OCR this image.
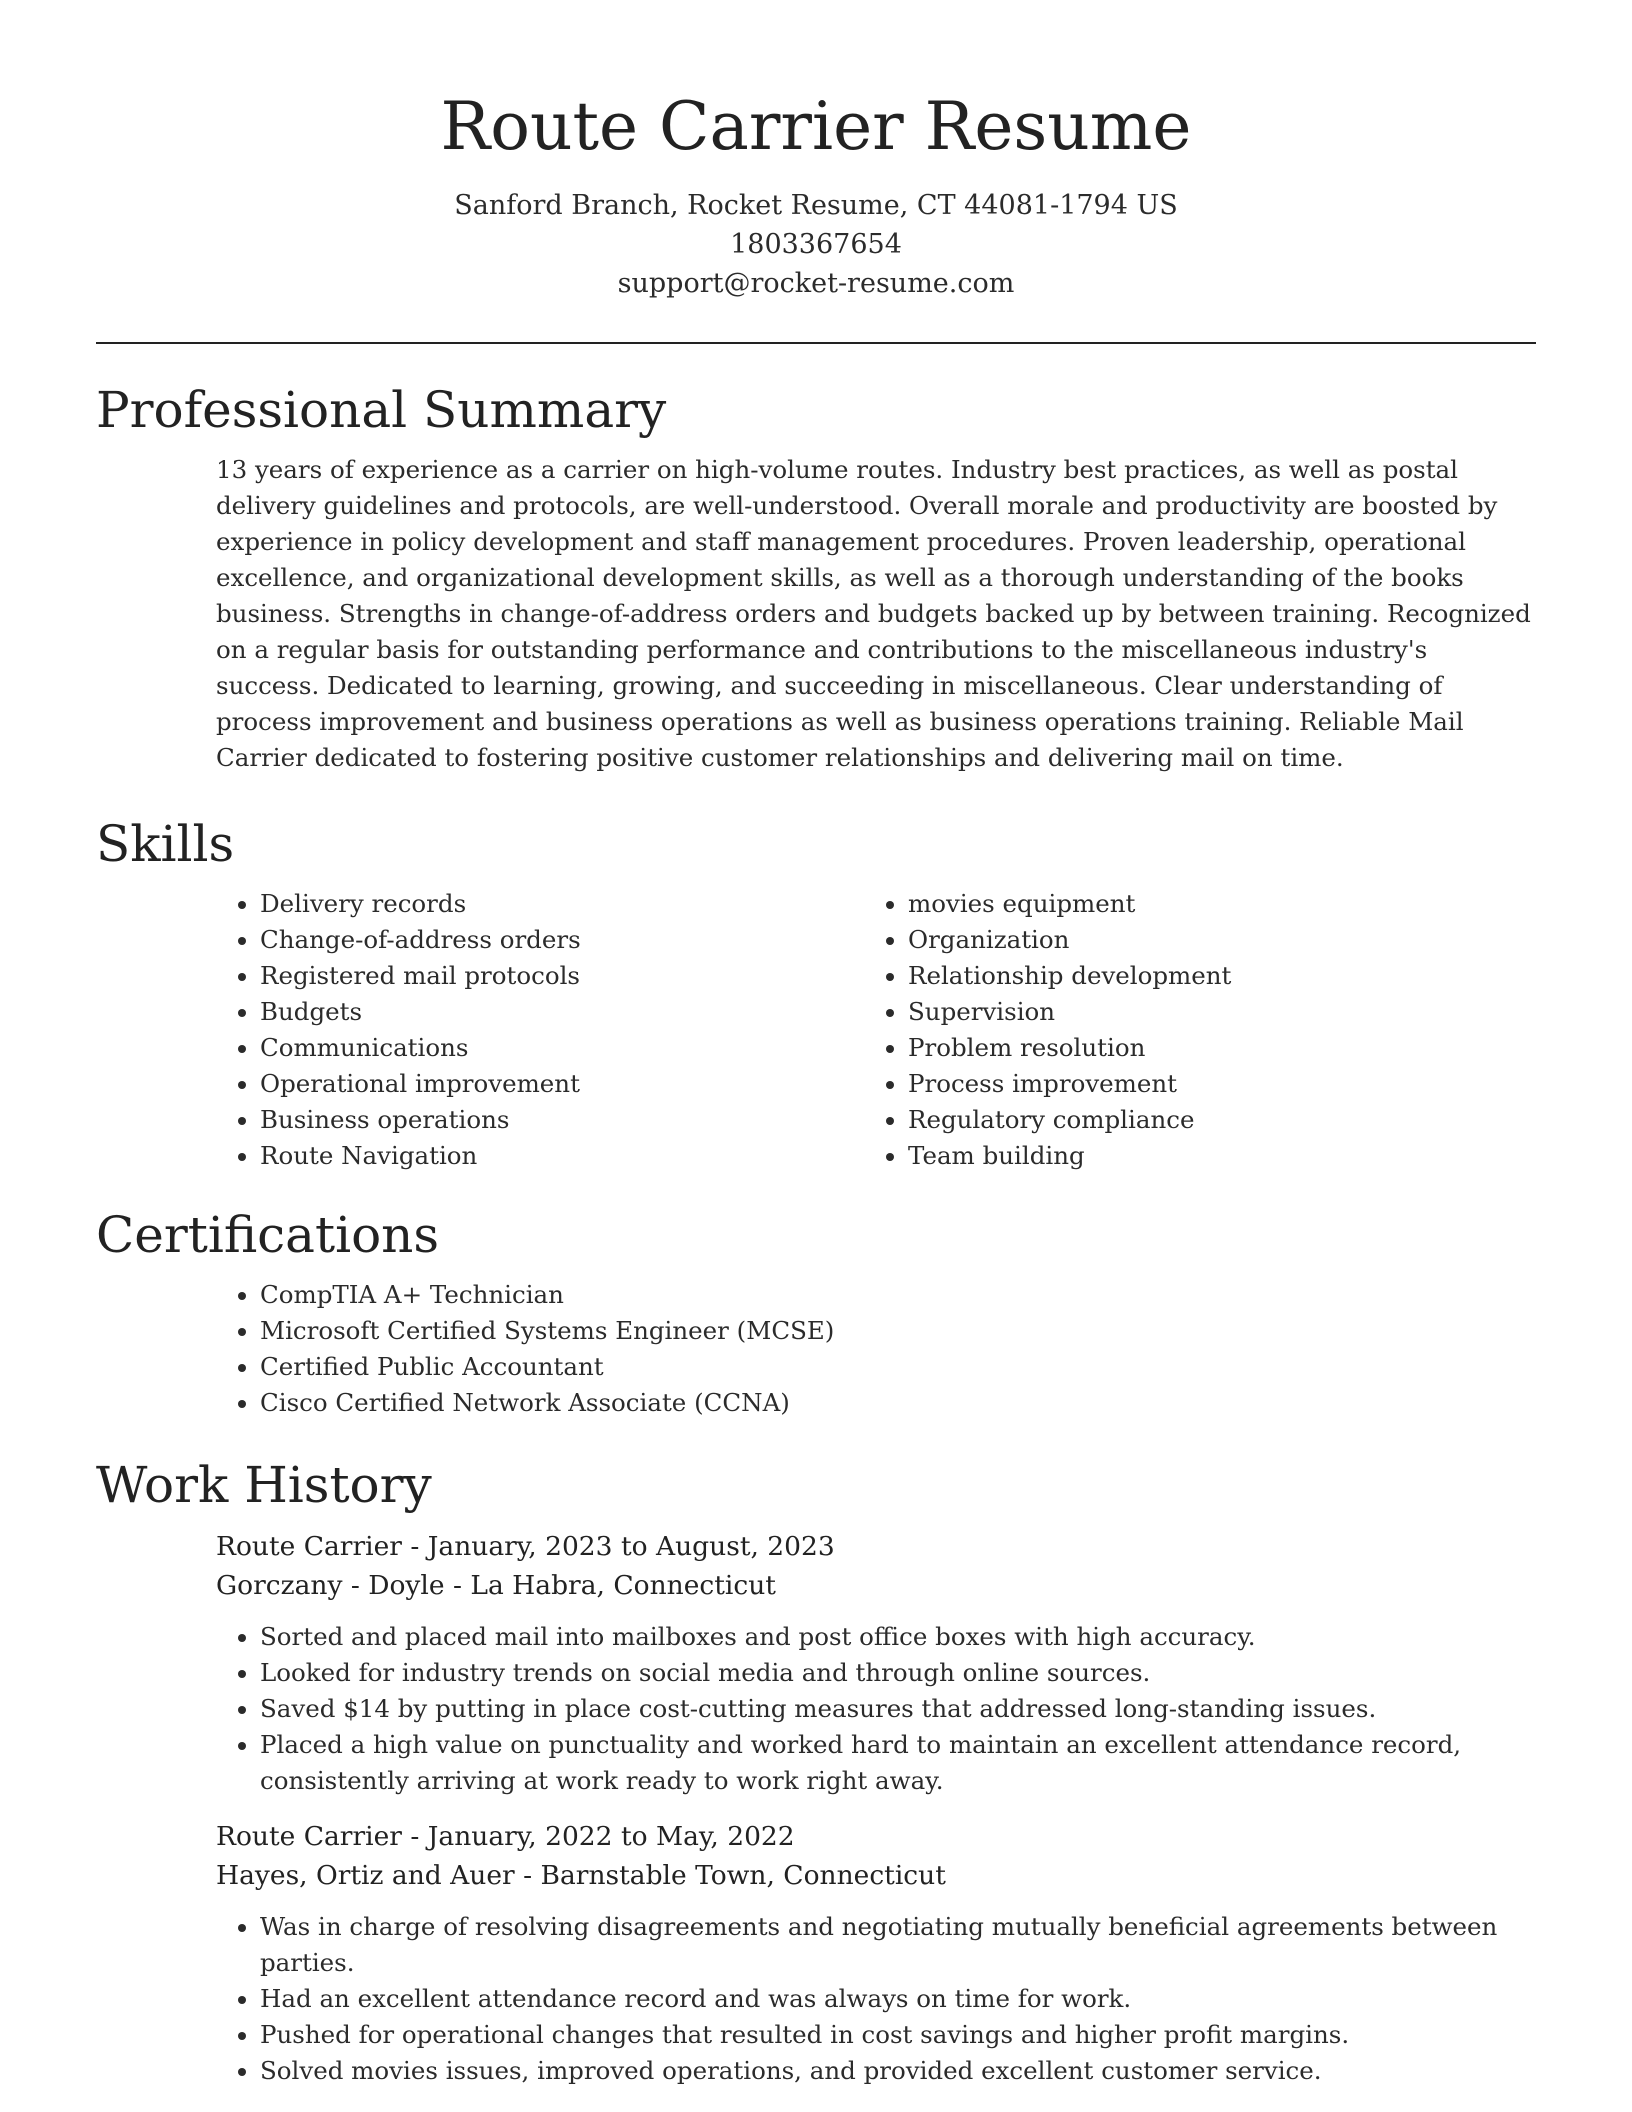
Route Carrier Resume
Sanford Branch, Rocket Resume, CT 44081-1794 US
1803367654
support@rocket-resume.com
Professional Summary

13 years of experience as a carrier on high-volume routes. Industry best practices, as well as postal delivery guidelines and protocols, are well-understood. Overall morale and productivity are boosted by experience in policy development and staff management procedures. Proven leadership, operational excellence, and organizational development skills, as well as a thorough understanding of the books business. Strengths in change-of-address orders and budgets backed up by between training. Recognized on a regular basis for outstanding performance and contributions to the miscellaneous industry's success. Dedicated to learning, growing, and succeeding in miscellaneous. Clear understanding of process improvement and business operations as well as business operations training. Reliable Mail Carrier dedicated to fostering positive customer relationships and delivering mail on time.

Skills
• Delivery records
• Change-of-address orders
• Registered mail protocols
• Budgets
• Communications
• Operational improvement
• Business operations
• Route Navigation
• movies equipment
• Organization
• Relationship development
• Supervision
• Problem resolution
• Process improvement
• Regulatory compliance
• Team building
Certifications
• CompTIA A+ Technician
• Microsoft Certified Systems Engineer (MCSE)
• Certified Public Accountant
• Cisco Certified Network Associate (CCNA)
Work History
Route Carrier - January, 2023 to August, 2023
Gorczany - Doyle - La Habra, Connecticut
• Sorted and placed mail into mailboxes and post office boxes with high accuracy.
• Looked for industry trends on social media and through online sources.
• Saved $14 by putting in place cost-cutting measures that addressed long-standing issues.
• Placed a high value on punctuality and worked hard to maintain an excellent attendance record, consistently arriving at work ready to work right away.
Route Carrier - January, 2022 to May, 2022
Hayes, Ortiz and Auer - Barnstable Town, Connecticut
• Was in charge of resolving disagreements and negotiating mutually beneficial agreements between parties.
• Had an excellent attendance record and was always on time for work.
• Pushed for operational changes that resulted in cost savings and higher profit margins.
• Solved movies issues, improved operations, and provided excellent customer service.
